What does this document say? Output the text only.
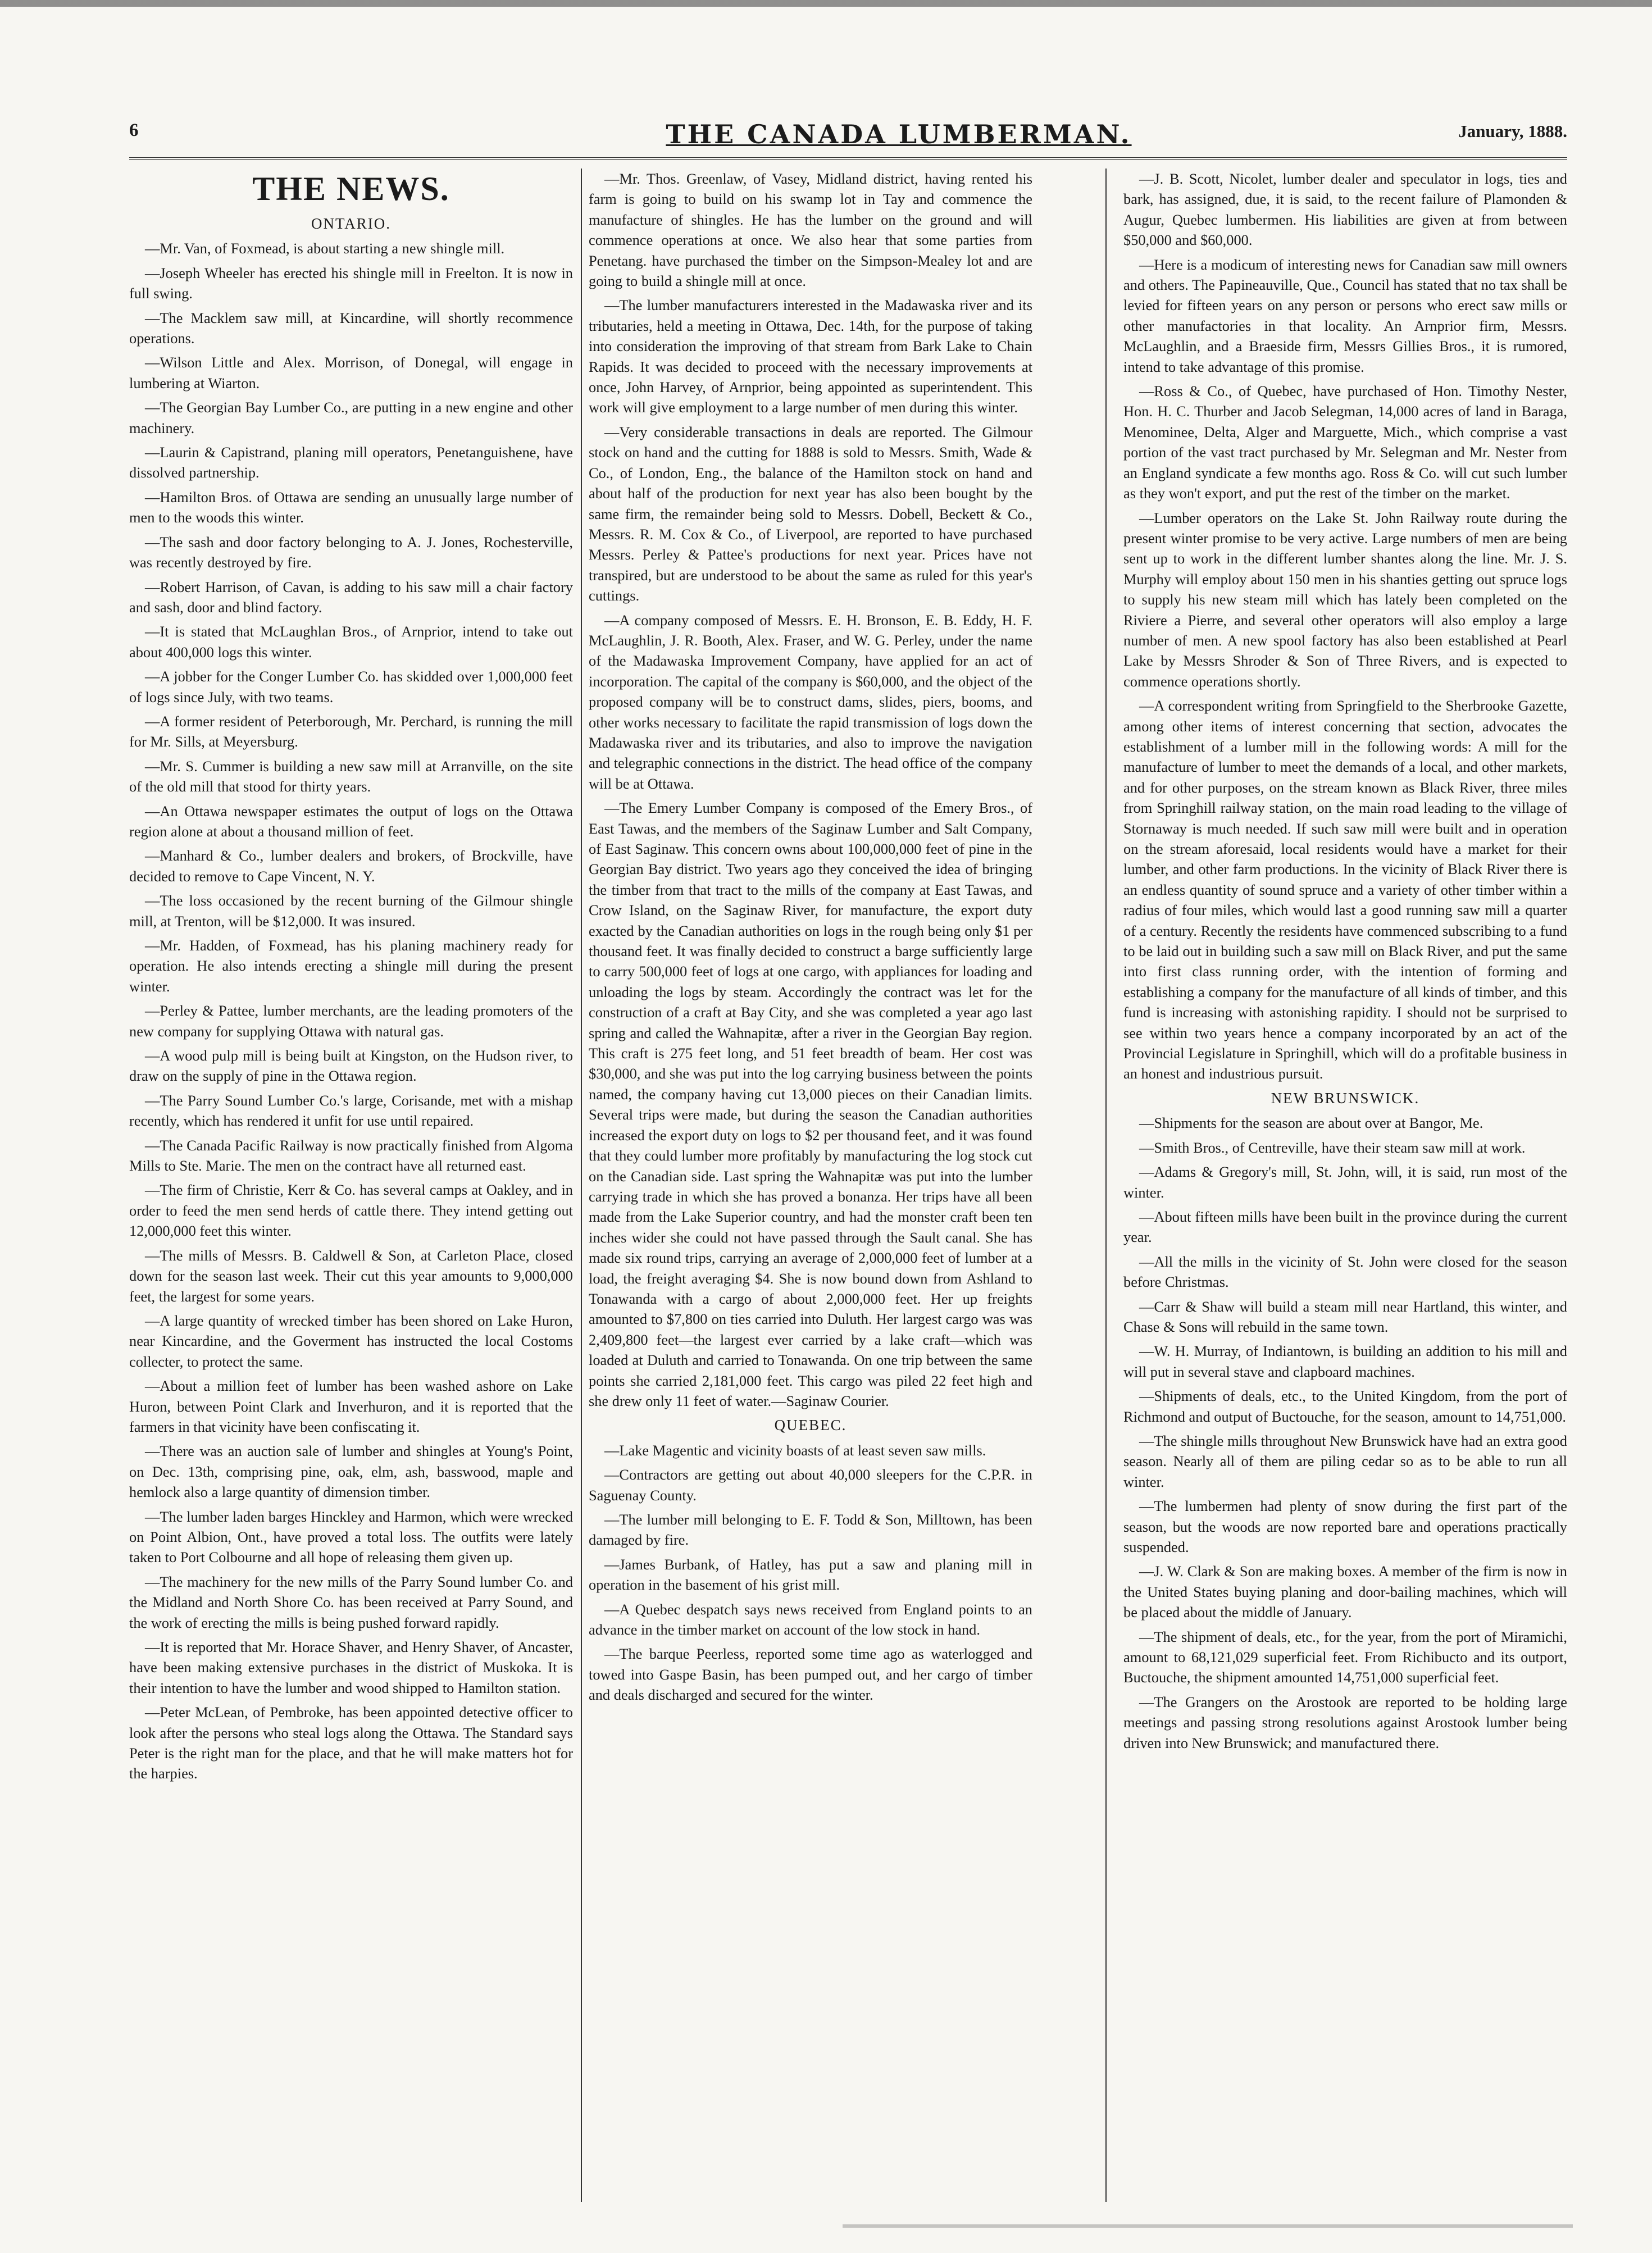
6	THE CANADA LUMBERMAN.	January, 1888.
THE NEWS.
ONTARIO.

—Mr. Van, of Foxmead, is about starting a new shingle mill.

—Joseph Wheeler has erected his shingle mill in Freelton. It is now in full swing.

—The Macklem saw mill, at Kincardine, will shortly recommence operations.

—Wilson Little and Alex. Morrison, of Donegal, will engage in lumbering at Wiarton.

—The Georgian Bay Lumber Co., are putting in a new engine and other machinery.

—Laurin & Capistrand, planing mill operators, Penetanguishene, have dissolved partnership.

—Hamilton Bros. of Ottawa are sending an unusually large number of men to the woods this winter.

—The sash and door factory belonging to A. J. Jones, Rochesterville, was recently destroyed by fire.

—Robert Harrison, of Cavan, is adding to his saw mill a chair factory and sash, door and blind factory.

—It is stated that McLaughlan Bros., of Arnprior, intend to take out about 400,000 logs this winter.

—A jobber for the Conger Lumber Co. has skidded over 1,000,000 feet of logs since July, with two teams.

—A former resident of Peterborough, Mr. Perchard, is running the mill for Mr. Sills, at Meyersburg.

—Mr. S. Cummer is building a new saw mill at Arranville, on the site of the old mill that stood for thirty years.

—An Ottawa newspaper estimates the output of logs on the Ottawa region alone at about a thousand million of feet.

—Manhard & Co., lumber dealers and brokers, of Brockville, have decided to remove to Cape Vincent, N. Y.

—The loss occasioned by the recent burning of the Gilmour shingle mill, at Trenton, will be $12,000. It was insured.

—Mr. Hadden, of Foxmead, has his planing machinery ready for operation. He also intends erecting a shingle mill during the present winter.

—Perley & Pattee, lumber merchants, are the leading promoters of the new company for supplying Ottawa with natural gas.

—A wood pulp mill is being built at Kingston, on the Hudson river, to draw on the supply of pine in the Ottawa region.

—The Parry Sound Lumber Co.'s large, Corisande, met with a mishap recently, which has rendered it unfit for use until repaired.

—The Canada Pacific Railway is now practically finished from Algoma Mills to Ste. Marie. The men on the contract have all returned east.

—The firm of Christie, Kerr & Co. has several camps at Oakley, and in order to feed the men send herds of cattle there. They intend getting out 12,000,000 feet this winter.

—The mills of Messrs. B. Caldwell & Son, at Carleton Place, closed down for the season last week. Their cut this year amounts to 9,000,000 feet, the largest for some years.

—A large quantity of wrecked timber has been shored on Lake Huron, near Kincardine, and the Goverment has instructed the local Costoms collecter, to protect the same.

—About a million feet of lumber has been washed ashore on Lake Huron, between Point Clark and Inverhuron, and it is reported that the farmers in that vicinity have been confiscating it.

—There was an auction sale of lumber and shingles at Young's Point, on Dec. 13th, comprising pine, oak, elm, ash, basswood, maple and hemlock also a large quantity of dimension timber.

—The lumber laden barges Hinckley and Harmon, which were wrecked on Point Albion, Ont., have proved a total loss. The outfits were lately taken to Port Colbourne and all hope of releasing them given up.

—The machinery for the new mills of the Parry Sound lumber Co. and the Midland and North Shore Co. has been received at Parry Sound, and the work of erecting the mills is being pushed forward rapidly.

—It is reported that Mr. Horace Shaver, and Henry Shaver, of Ancaster, have been making extensive purchases in the district of Muskoka. It is their intention to have the lumber and wood shipped to Hamilton station.

—Peter McLean, of Pembroke, has been appointed detective officer to look after the persons who steal logs along the Ottawa. The Standard says Peter is the right man for the place, and that he will make matters hot for the harpies.

—Mr. Thos. Greenlaw, of Vasey, Midland district, having rented his farm is going to build on his swamp lot in Tay and commence the manufacture of shingles. He has the lumber on the ground and will commence operations at once. We also hear that some parties from Penetang. have purchased the timber on the Simpson-Mealey lot and are going to build a shingle mill at once.

—The lumber manufacturers interested in the Madawaska river and its tributaries, held a meeting in Ottawa, Dec. 14th, for the purpose of taking into consideration the improving of that stream from Bark Lake to Chain Rapids. It was decided to proceed with the necessary improvements at once, John Harvey, of Arnprior, being appointed as superintendent. This work will give employment to a large number of men during this winter.

—Very considerable transactions in deals are reported. The Gilmour stock on hand and the cutting for 1888 is sold to Messrs. Smith, Wade & Co., of London, Eng., the balance of the Hamilton stock on hand and about half of the production for next year has also been bought by the same firm, the remainder being sold to Messrs. Dobell, Beckett & Co., Messrs. R. M. Cox & Co., of Liverpool, are reported to have purchased Messrs. Perley & Pattee's productions for next year. Prices have not transpired, but are understood to be about the same as ruled for this year's cuttings.

—A company composed of Messrs. E. H. Bronson, E. B. Eddy, H. F. McLaughlin, J. R. Booth, Alex. Fraser, and W. G. Perley, under the name of the Madawaska Improvement Company, have applied for an act of incorporation. The capital of the company is $60,000, and the object of the proposed company will be to construct dams, slides, piers, booms, and other works necessary to facilitate the rapid transmission of logs down the Madawaska river and its tributaries, and also to improve the navigation and telegraphic connections in the district. The head office of the company will be at Ottawa.

—The Emery Lumber Company is composed of the Emery Bros., of East Tawas, and the members of the Saginaw Lumber and Salt Company, of East Saginaw. This concern owns about 100,000,000 feet of pine in the Georgian Bay district. Two years ago they conceived the idea of bringing the timber from that tract to the mills of the company at East Tawas, and Crow Island, on the Saginaw River, for manufacture, the export duty exacted by the Canadian authorities on logs in the rough being only $1 per thousand feet. It was finally decided to construct a barge sufficiently large to carry 500,000 feet of logs at one cargo, with appliances for loading and unloading the logs by steam. Accordingly the contract was let for the construction of a craft at Bay City, and she was completed a year ago last spring and called the Wahnapitæ, after a river in the Georgian Bay region. This craft is 275 feet long, and 51 feet breadth of beam. Her cost was $30,000, and she was put into the log carrying business between the points named, the company having cut 13,000 pieces on their Canadian limits. Several trips were made, but during the season the Canadian authorities increased the export duty on logs to $2 per thousand feet, and it was found that they could lumber more profitably by manufacturing the log stock cut on the Canadian side. Last spring the Wahnapitæ was put into the lumber carrying trade in which she has proved a bonanza. Her trips have all been made from the Lake Superior country, and had the monster craft been ten inches wider she could not have passed through the Sault canal. She has made six round trips, carrying an average of 2,000,000 feet of lumber at a load, the freight averaging $4. She is now bound down from Ashland to Tonawanda with a cargo of about 2,000,000 feet. Her up freights amounted to $7,800 on ties carried into Duluth. Her largest cargo was was 2,409,800 feet—the largest ever carried by a lake craft—which was loaded at Duluth and carried to Tonawanda. On one trip between the same points she carried 2,181,000 feet. This cargo was piled 22 feet high and she drew only 11 feet of water.—Saginaw Courier.

QUEBEC.

—Lake Magentic and vicinity boasts of at least seven saw mills.

—Contractors are getting out about 40,000 sleepers for the C.P.R. in Saguenay County.

—The lumber mill belonging to E. F. Todd & Son, Milltown, has been damaged by fire.

—James Burbank, of Hatley, has put a saw and planing mill in operation in the basement of his grist mill.

—A Quebec despatch says news received from England points to an advance in the timber market on account of the low stock in hand.

—The barque Peerless, reported some time ago as waterlogged and towed into Gaspe Basin, has been pumped out, and her cargo of timber and deals discharged and secured for the winter.

—J. B. Scott, Nicolet, lumber dealer and speculator in logs, ties and bark, has assigned, due, it is said, to the recent failure of Plamonden & Augur, Quebec lumbermen. His liabilities are given at from between $50,000 and $60,000.

—Here is a modicum of interesting news for Canadian saw mill owners and others. The Papineauville, Que., Council has stated that no tax shall be levied for fifteen years on any person or persons who erect saw mills or other manufactories in that locality. An Arnprior firm, Messrs. McLaughlin, and a Braeside firm, Messrs Gillies Bros., it is rumored, intend to take advantage of this promise.

—Ross & Co., of Quebec, have purchased of Hon. Timothy Nester, Hon. H. C. Thurber and Jacob Selegman, 14,000 acres of land in Baraga, Menominee, Delta, Alger and Marguette, Mich., which comprise a vast portion of the vast tract purchased by Mr. Selegman and Mr. Nester from an England syndicate a few months ago. Ross & Co. will cut such lumber as they won't export, and put the rest of the timber on the market.

—Lumber operators on the Lake St. John Railway route during the present winter promise to be very active. Large numbers of men are being sent up to work in the different lumber shantes along the line. Mr. J. S. Murphy will employ about 150 men in his shanties getting out spruce logs to supply his new steam mill which has lately been completed on the Riviere a Pierre, and several other operators will also employ a large number of men. A new spool factory has also been established at Pearl Lake by Messrs Shroder & Son of Three Rivers, and is expected to commence operations shortly.

—A correspondent writing from Springfield to the Sherbrooke Gazette, among other items of interest concerning that section, advocates the establishment of a lumber mill in the following words: A mill for the manufacture of lumber to meet the demands of a local, and other markets, and for other purposes, on the stream known as Black River, three miles from Springhill railway station, on the main road leading to the village of Stornaway is much needed. If such saw mill were built and in operation on the stream aforesaid, local residents would have a market for their lumber, and other farm productions. In the vicinity of Black River there is an endless quantity of sound spruce and a variety of other timber within a radius of four miles, which would last a good running saw mill a quarter of a century. Recently the residents have commenced subscribing to a fund to be laid out in building such a saw mill on Black River, and put the same into first class running order, with the intention of forming and establishing a company for the manufacture of all kinds of timber, and this fund is increasing with astonishing rapidity. I should not be surprised to see within two years hence a company incorporated by an act of the Provincial Legislature in Springhill, which will do a profitable business in an honest and industrious pursuit.

NEW BRUNSWICK.

—Shipments for the season are about over at Bangor, Me.

—Smith Bros., of Centreville, have their steam saw mill at work.

—Adams & Gregory's mill, St. John, will, it is said, run most of the winter.

—About fifteen mills have been built in the province during the current year.

—All the mills in the vicinity of St. John were closed for the season before Christmas.

—Carr & Shaw will build a steam mill near Hartland, this winter, and Chase & Sons will rebuild in the same town.

—W. H. Murray, of Indiantown, is building an addition to his mill and will put in several stave and clapboard machines.

—Shipments of deals, etc., to the United Kingdom, from the port of Richmond and output of Buctouche, for the season, amount to 14,751,000.

—The shingle mills throughout New Brunswick have had an extra good season. Nearly all of them are piling cedar so as to be able to run all winter.

—The lumbermen had plenty of snow during the first part of the season, but the woods are now reported bare and operations practically suspended.

—J. W. Clark & Son are making boxes. A member of the firm is now in the United States buying planing and door-bailing machines, which will be placed about the middle of January.

—The shipment of deals, etc., for the year, from the port of Miramichi, amount to 68,121,029 superficial feet. From Richibucto and its outport, Buctouche, the shipment amounted 14,751,000 superficial feet.

—The Grangers on the Arostook are reported to be holding large meetings and passing strong resolutions against Arostook lumber being driven into New Brunswick; and manufactured there.
